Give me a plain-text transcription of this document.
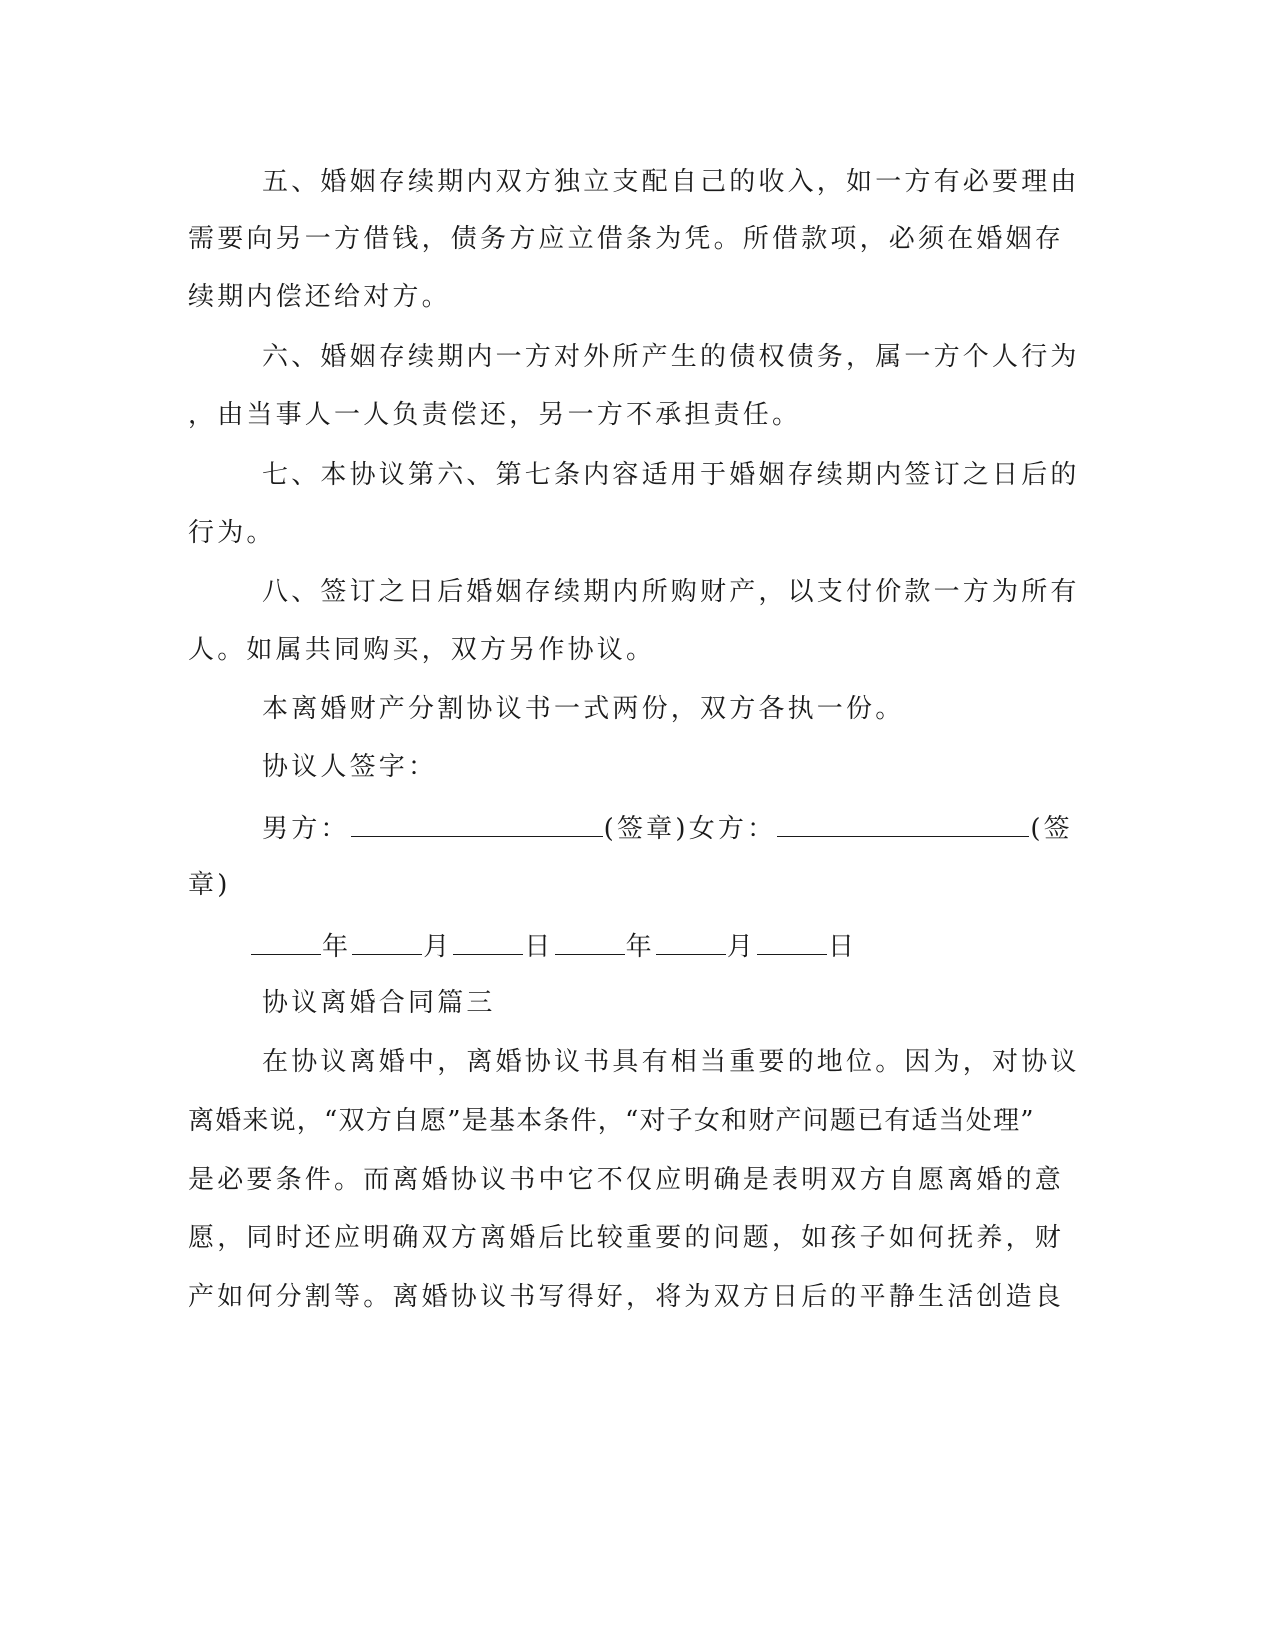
五、婚姻存续期内双方独立支配自己的收入，如一方有必要理由
需要向另一方借钱，债务方应立借条为凭。所借款项，必须在婚姻存
续期内偿还给对方。
六、婚姻存续期内一方对外所产生的债权债务，属一方个人行为
，由当事人一人负责偿还，另一方不承担责任。
七、本协议第六、第七条内容适用于婚姻存续期内签订之日后的
行为。
八、签订之日后婚姻存续期内所购财产，以支付价款一方为所有
人。如属共同购买，双方另作协议。
本离婚财产分割协议书一式两份，双方各执一份。
协议人签字：
男方：	(签章)女方：	(签
章)
年	月	日	年	月	日
协议离婚合同篇三
在协议离婚中，离婚协议书具有相当重要的地位。因为，对协议
离婚来说，“双方自愿”是基本条件，“对子女和财产问题已有适当处理”
是必要条件。而离婚协议书中它不仅应明确是表明双方自愿离婚的意
愿，同时还应明确双方离婚后比较重要的问题，如孩子如何抚养，财
产如何分割等。离婚协议书写得好，将为双方日后的平静生活创造良
